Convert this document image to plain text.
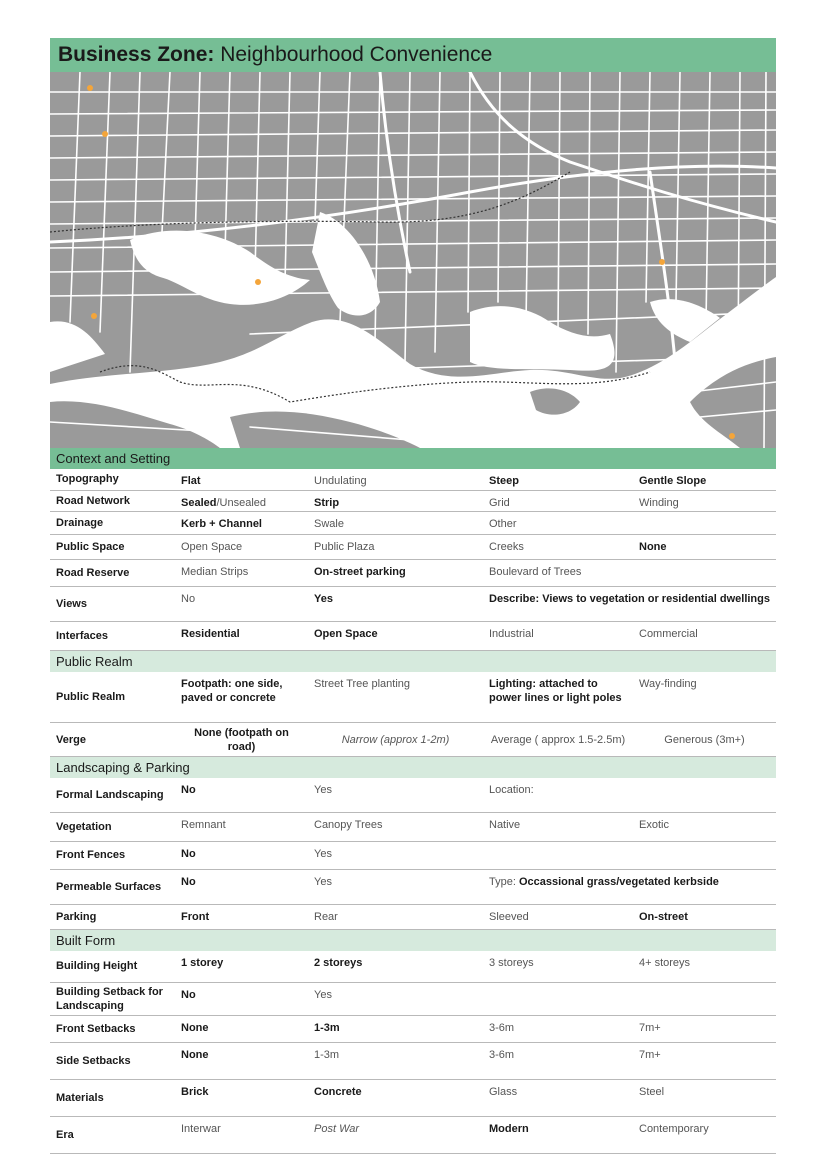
Business Zone: Neighbourhood Convenience
Context and Setting
Topography	Flat	Undulating	Steep	Gentle Slope
Road Network	Sealed/Unsealed	Strip	Grid	Winding
Drainage	Kerb + Channel	Swale	Other	
Public Space	Open Space	Public Plaza	Creeks	None
Road Reserve	Median Strips	On-street parking	Boulevard of Trees	
Views	No	Yes	Describe: Views to vegetation or residential dwellings	
Interfaces	Residential	Open Space	Industrial	Commercial
Public Realm
Public Realm	Footpath: one side, paved or concrete	Street Tree planting	Lighting: attached to power lines or light poles	Way-finding
Verge	None (footpath on road)	Narrow (approx 1-2m)	Average ( approx 1.5-2.5m)	Generous (3m+)
Landscaping & Parking
Formal Landscaping	No	Yes	Location:	
Vegetation	Remnant	Canopy Trees	Native	Exotic
Front Fences	No	Yes		
Permeable Surfaces	No	Yes	Type: Occassional grass/vegetated kerbside	
Parking	Front	Rear	Sleeved	On-street
Built Form
Building Height	1 storey	2 storeys	3 storeys	4+ storeys
Building Setback for Landscaping	No	Yes		
Front Setbacks	None	1-3m	3-6m	7m+
Side Setbacks	None	1-3m	3-6m	7m+
Materials	Brick	Concrete	Glass	Steel
Era	Interwar	Post War	Modern	Contemporary
